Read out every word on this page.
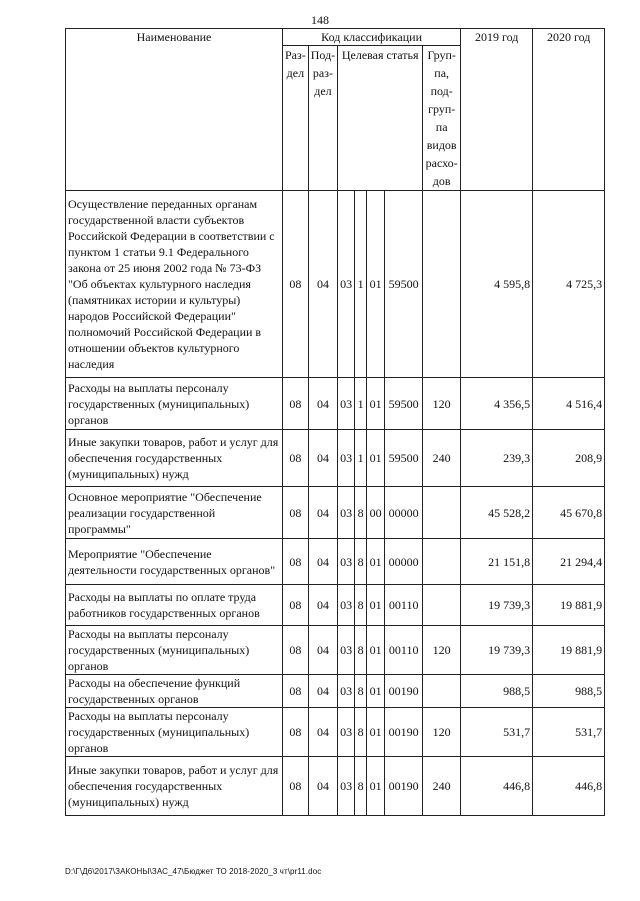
148
Наименование	Код классификации							2019 год	2020 год
	Раз- дел	Под- раз- дел	Целевая статья				Груп- па, под- груп- па видов расхо- дов		
Осуществление переданных органам государственной власти субъектов Российской Федерации в соответствии с пунктом 1 статьи 9.1 Федерального закона от 25 июня 2002 года № 73-ФЗ "Об объектах культурного наследия (памятниках истории и культуры) народов Российской Федерации" полномочий Российской Федерации в отношении объектов культурного наследия	08	04	03	1	01	59500		4 595,8	4 725,3
Расходы на выплаты персоналу государственных (муниципальных) органов	08	04	03	1	01	59500	120	4 356,5	4 516,4
Иные закупки товаров, работ и услуг для обеспечения государственных (муниципальных) нужд	08	04	03	1	01	59500	240	239,3	208,9
Основное мероприятие "Обеспечение реализации государственной программы"	08	04	03	8	00	00000		45 528,2	45 670,8
Мероприятие "Обеспечение деятельности государственных органов"	08	04	03	8	01	00000		21 151,8	21 294,4
Расходы на выплаты по оплате труда работников государственных органов	08	04	03	8	01	00110		19 739,3	19 881,9
Расходы на выплаты персоналу государственных (муниципальных) органов	08	04	03	8	01	00110	120	19 739,3	19 881,9
Расходы на обеспечение функций государственных органов	08	04	03	8	01	00190		988,5	988,5
Расходы на выплаты персоналу государственных (муниципальных) органов	08	04	03	8	01	00190	120	531,7	531,7
Иные закупки товаров, работ и услуг для обеспечения государственных (муниципальных) нужд	08	04	03	8	01	00190	240	446,8	446,8
D:\Г\Д6\2017\ЗАКОНЫ\ЗАС_47\Бюджет ТО 2018-2020_3 чт\pr11.doc
